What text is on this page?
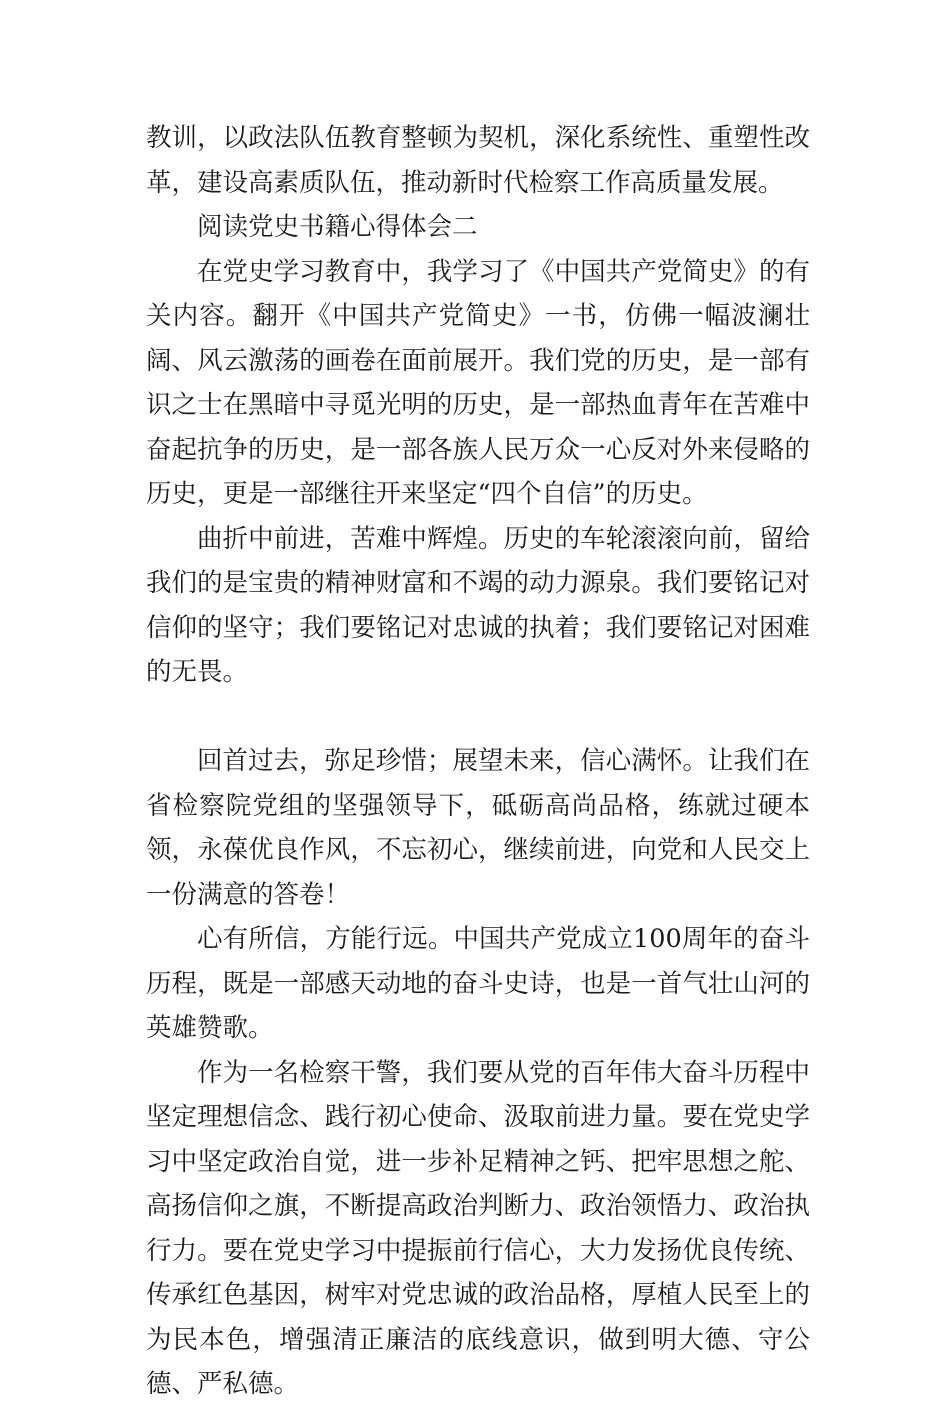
教训，以政法队伍教育整顿为契机，深化系统性、重塑性改革，建设高素质队伍，推动新时代检察工作高质量发展。

阅读党史书籍心得体会二

在党史学习教育中，我学习了《中国共产党简史》的有关内容。翻开《中国共产党简史》一书，仿佛一幅波澜壮阔、风云激荡的画卷在面前展开。我们党的历史，是一部有识之士在黑暗中寻觅光明的历史，是一部热血青年在苦难中奋起抗争的历史，是一部各族人民万众一心反对外来侵略的历史，更是一部继往开来坚定“四个自信”的历史。

曲折中前进，苦难中辉煌。历史的车轮滚滚向前，留给我们的是宝贵的精神财富和不竭的动力源泉。我们要铭记对信仰的坚守；我们要铭记对忠诚的执着；我们要铭记对困难的无畏。

回首过去，弥足珍惜；展望未来，信心满怀。让我们在省检察院党组的坚强领导下，砥砺高尚品格，练就过硬本领，永葆优良作风，不忘初心，继续前进，向党和人民交上一份满意的答卷！

心有所信，方能行远。中国共产党成立100周年的奋斗历程，既是一部感天动地的奋斗史诗，也是一首气壮山河的英雄赞歌。

作为一名检察干警，我们要从党的百年伟大奋斗历程中坚定理想信念、践行初心使命、汲取前进力量。要在党史学习中坚定政治自觉，进一步补足精神之钙、把牢思想之舵、高扬信仰之旗，不断提高政治判断力、政治领悟力、政治执行力。要在党史学习中提振前行信心，大力发扬优良传统、传承红色基因，树牢对党忠诚的政治品格，厚植人民至上的为民本色，增强清正廉洁的底线意识，做到明大德、守公德、严私德。
